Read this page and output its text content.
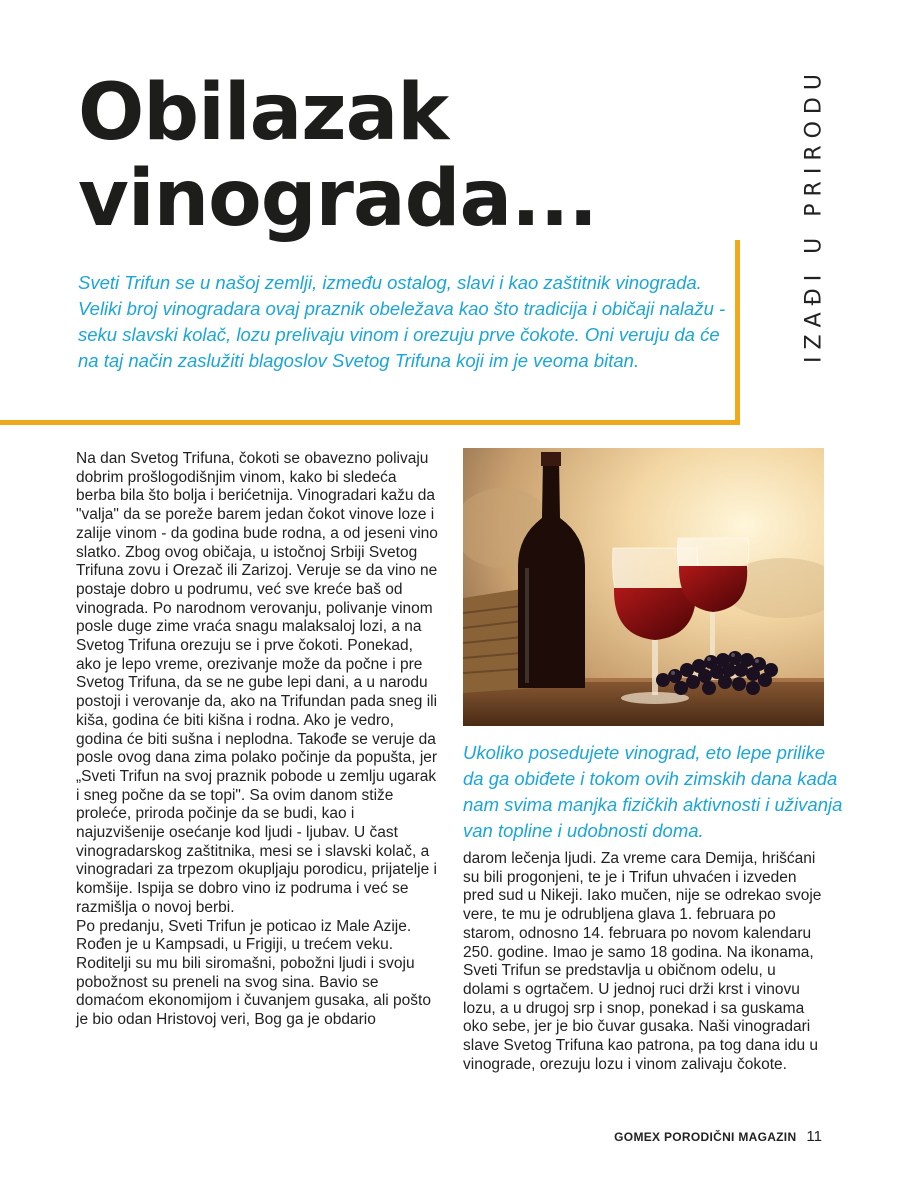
Obilazak vinograda...	IZAĐI U PRIRODU

Sveti Trifun se u našoj zemlji, između ostalog, slavi i kao zaštitnik vinograda. Veliki broj vinogradara ovaj praznik obeležava kao što tradicija i običaji nalažu - seku slavski kolač, lozu prelivaju vinom i orezuju prve čokote. Oni veruju da će na taj način zaslužiti blagoslov Svetog Trifuna koji im je veoma bitan.

Na dan Svetog Trifuna, čokoti se obavezno polivaju dobrim prošlogodišnjim vinom, kako bi sledeća berba bila što bolja i berićetnija. Vinogradari kažu da "valja" da se poreže barem jedan čokot vinove loze i zalije vinom - da godina bude rodna, a od jeseni vino slatko. Zbog ovog običaja, u istočnoj Srbiji Svetog Trifuna zovu i Orezač ili Zarizoj. Veruje se da vino ne postaje dobro u podrumu, već sve kreće baš od vinograda. Po narodnom verovanju, polivanje vinom posle duge zime vraća snagu malaksaloj lozi, a na Svetog Trifuna orezuju se i prve čokoti. Ponekad, ako je lepo vreme, orezivanje može da počne i pre Svetog Trifuna, da se ne gube lepi dani, a u narodu postoji i verovanje da, ako na Trifundan pada sneg ili kiša, godina će biti kišna i rodna. Ako je vedro, godina će biti sušna i neplodna. Takođe se veruje da posle ovog dana zima polako počinje da popušta, jer „Sveti Trifun na svoj praznik pobode u zemlju ugarak i sneg počne da se topi". Sa ovim danom stiže proleće, priroda počinje da se budi, kao i najuzvišenije osećanje kod ljudi - ljubav. U čast vinogradarskog zaštitnika, mesi se i slavski kolač, a vinogradari za trpezom okupljaju porodicu, prijatelje i komšije. Ispija se dobro vino iz podruma i već se razmišlja o novoj berbi.

Po predanju, Sveti Trifun je poticao iz Male Azije. Rođen je u Kampsadi, u Frigiji, u trećem veku. Roditelji su mu bili siromašni, pobožni ljudi i svoju pobožnost su preneli na svog sina. Bavio se domaćom ekonomijom i čuvanjem gusaka, ali pošto je bio odan Hristovoj veri, Bog ga je obdario

Ukoliko posedujete vinograd, eto lepe prilike da ga obiđete i tokom ovih zimskih dana kada nam svima manjka fizičkih aktivnosti i uživanja van topline i udobnosti doma.

darom lečenja ljudi. Za vreme cara Demija, hrišćani su bili progonjeni, te je i Trifun uhvaćen i izveden pred sud u Nikeji. Iako mučen, nije se odrekao svoje vere, te mu je odrubljena glava 1. februara po starom, odnosno 14. februara po novom kalendaru 250. godine. Imao je samo 18 godina. Na ikonama, Sveti Trifun se predstavlja u običnom odelu, u dolami s ogrtačem. U jednoj ruci drži krst i vinovu lozu, a u drugoj srp i snop, ponekad i sa guskama oko sebe, jer je bio čuvar gusaka. Naši vinogradari slave Svetog Trifuna kao patrona, pa tog dana idu u vinograde, orezuju lozu i vinom zalivaju čokote.

GOMEX PORODIČNI MAGAZIN 11
